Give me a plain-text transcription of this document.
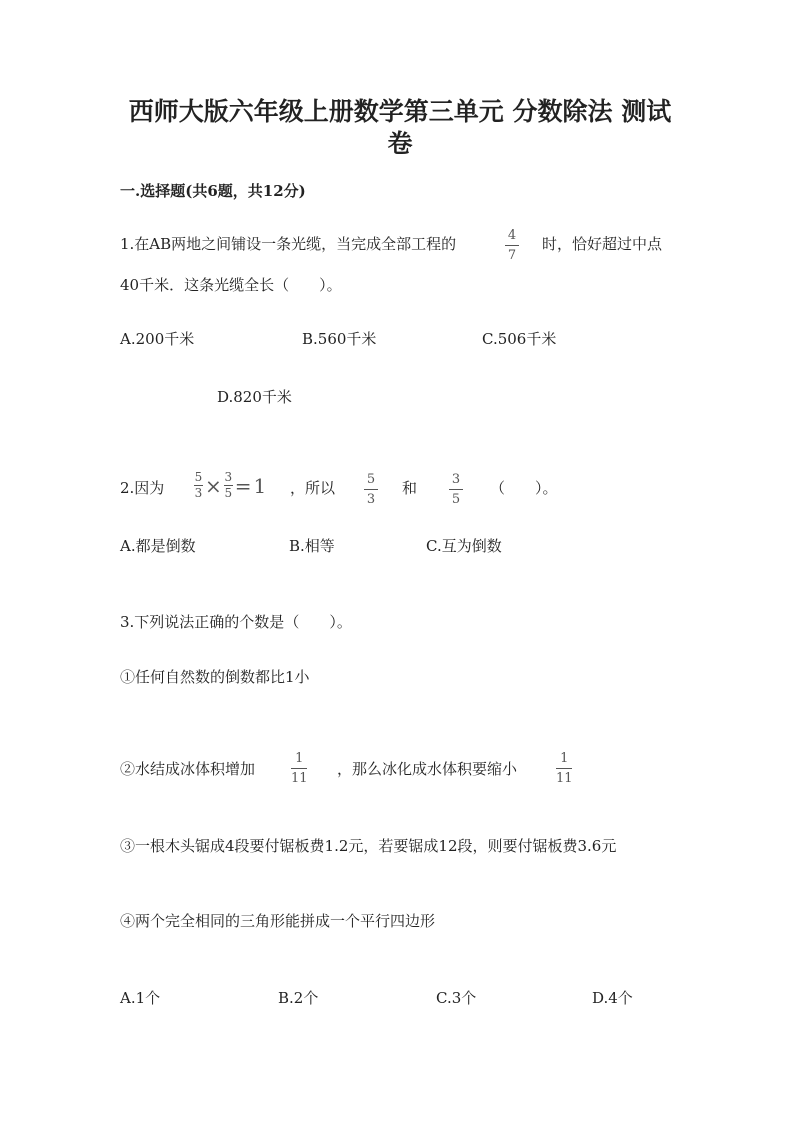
西师大版六年级上册数学第三单元 分数除法 测试
卷
一.选择题(共6题，共12分)
1.在AB两地之间铺设一条光缆，当完成全部工程的	4
7
时，恰好超过中点
40千米．这条光缆全长（　　）。
A.200千米	B.560千米	C.506千米
D.820千米
2.因为
5
3 × 3
5 = 1 ，所以 5
3
和	3
5
（　　）。
A.都是倒数	B.相等	C.互为倒数
3.下列说法正确的个数是（　　）。
①任何自然数的倒数都比1小
②水结成冰体积增加
1
11
，那么冰化成水体积要缩小
1
11
③一根木头锯成4段要付锯板费1.2元，若要锯成12段，则要付锯板费3.6元
④两个完全相同的三角形能拼成一个平行四边形
A.1个	B.2个	C.3个	D.4个
